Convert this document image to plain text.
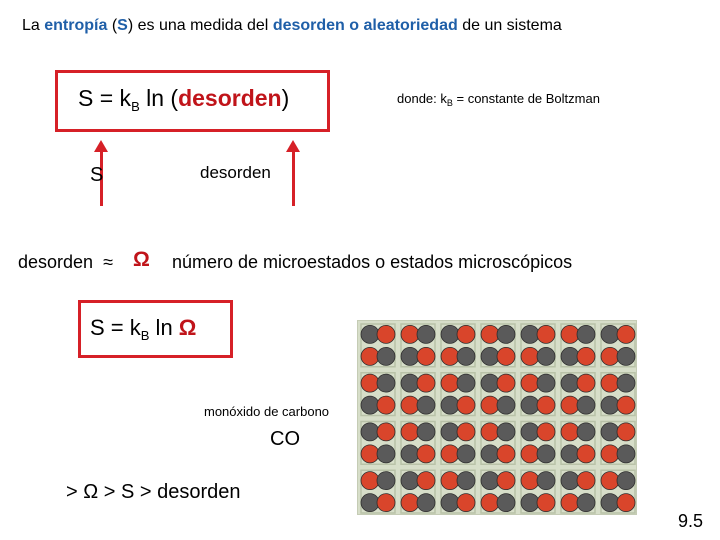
La entropía (S) es una medida del desorden o aleatoriedad de un sistema
$S = k_B$ ln (desorden)	donde: $k_B$ = constante de Boltzman
S	desorden
desorden ≈ Ω número de microestados o estados microscópicos
$S = k_B$ ln Ω
monóxido de carbono
CO
> Ω > S > desorden
9.5
